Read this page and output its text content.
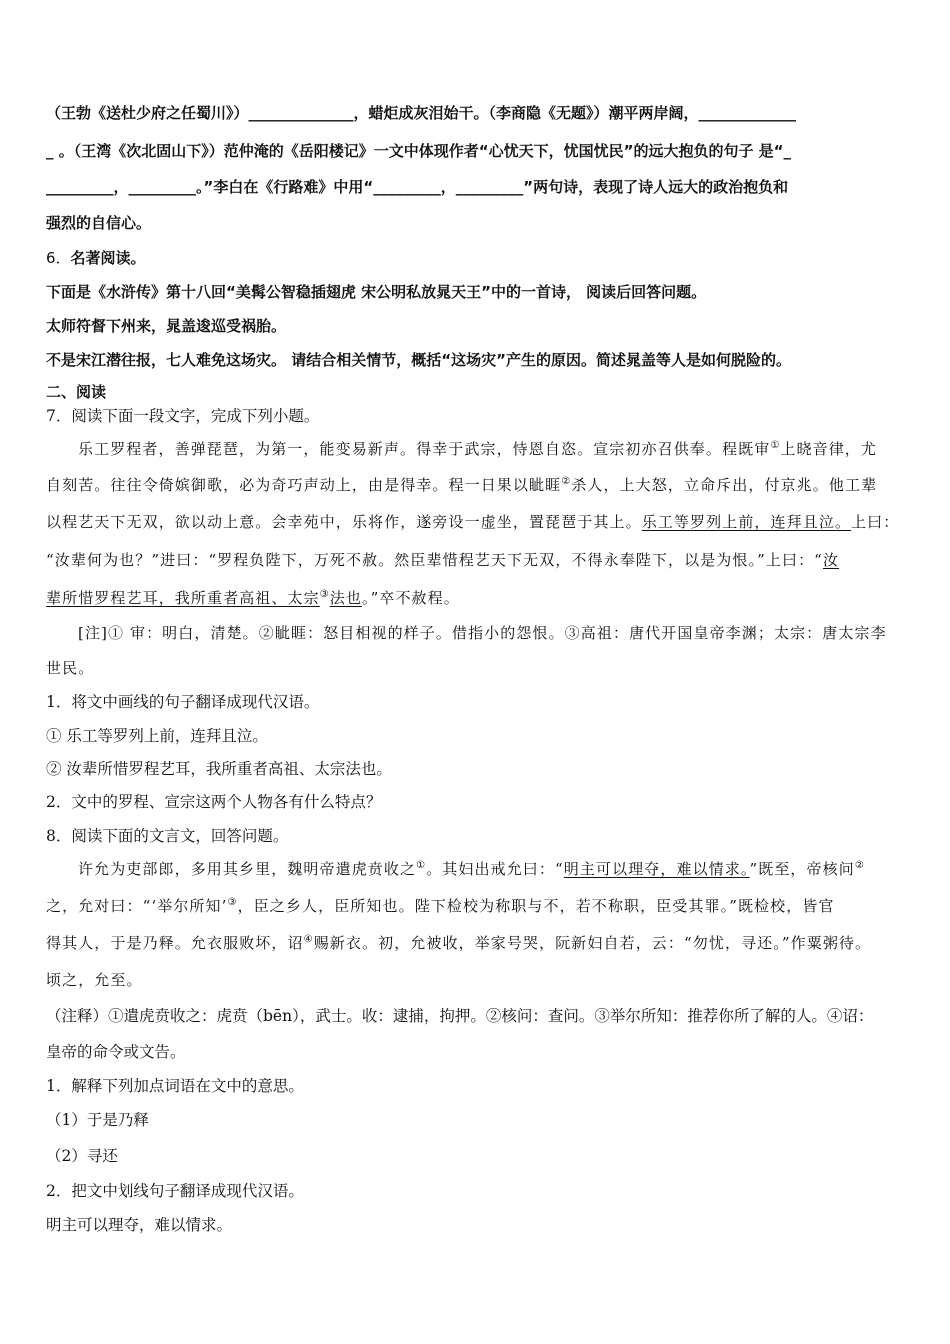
（王勃《送杜少府之任蜀川》）______________，蜡炬成灰泪始干。（李商隐《无题》）潮平两岸阔，_____________
_ 。（王湾《次北固山下》）范仲淹的《岳阳楼记》一文中体现作者“心忧天下，忧国忧民”的远大抱负的句子 是“_
_________，_________。”李白在《行路难》中用“_________，_________”两句诗，表现了诗人远大的政治抱负和
强烈的自信心。
6．名著阅读。
下面是《水浒传》第十八回“美髯公智稳插翅虎 宋公明私放晁天王”中的一首诗， 阅读后回答问题。
太师符督下州来，晁盖逡巡受祸胎。
不是宋江潜往报，七人难免这场灾。 请结合相关情节，概括“这场灾”产生的原因。简述晁盖等人是如何脱险的。
二、阅读
7．阅读下面一段文字，完成下列小题。
乐工罗程者，善弹琵琶，为第一，能变易新声。得幸于武宗，恃恩自恣。宣宗初亦召供奉。程既审①上晓音律，尤
自刻苦。往往令倚嫔御歌，必为奇巧声动上，由是得幸。程一日果以眦睚②杀人，上大怒，立命斥出，付京兆。他工辈
以程艺天下无双，欲以动上意。会幸苑中，乐将作，遂旁设一虚坐，置琵琶于其上。乐工等罗列上前，连拜且泣。上曰：
“汝辈何为也？”进曰：“罗程负陛下，万死不赦。然臣辈惜程艺天下无双，不得永奉陛下，以是为恨。”上曰：“汝
辈所惜罗程艺耳，我所重者高祖、太宗③法也。”卒不赦程。
[注]① 审：明白，清楚。②眦睚：怒目相视的样子。借指小的怨恨。③高祖：唐代开国皇帝李渊；太宗：唐太宗李
世民。
1．将文中画线的句子翻译成现代汉语。
① 乐工等罗列上前，连拜且泣。
② 汝辈所惜罗程艺耳，我所重者高祖、太宗法也。
2．文中的罗程、宣宗这两个人物各有什么特点？
8．阅读下面的文言文，回答问题。
许允为吏部郎，多用其乡里，魏明帝遣虎贲收之①。其妇出戒允曰：“明主可以理夺，难以情求。”既至，帝核问②
之，允对曰：“‘举尔所知’③，臣之乡人，臣所知也。陛下检校为称职与不，若不称职，臣受其罪。”既检校，皆官
得其人，于是乃释。允衣服败坏，诏④赐新衣。初，允被收，举家号哭，阮新妇自若，云：“勿忧，寻还。”作粟粥待。
顷之，允至。
（注释）①遣虎贲收之：虎贲（bēn），武士。收：逮捕，拘押。②核问：查问。③举尔所知：推荐你所了解的人。④诏：
皇帝的命令或文告。
1．解释下列加点词语在文中的意思。
（1）于是乃释
（2）寻还
2．把文中划线句子翻译成现代汉语。
明主可以理夺，难以情求。
